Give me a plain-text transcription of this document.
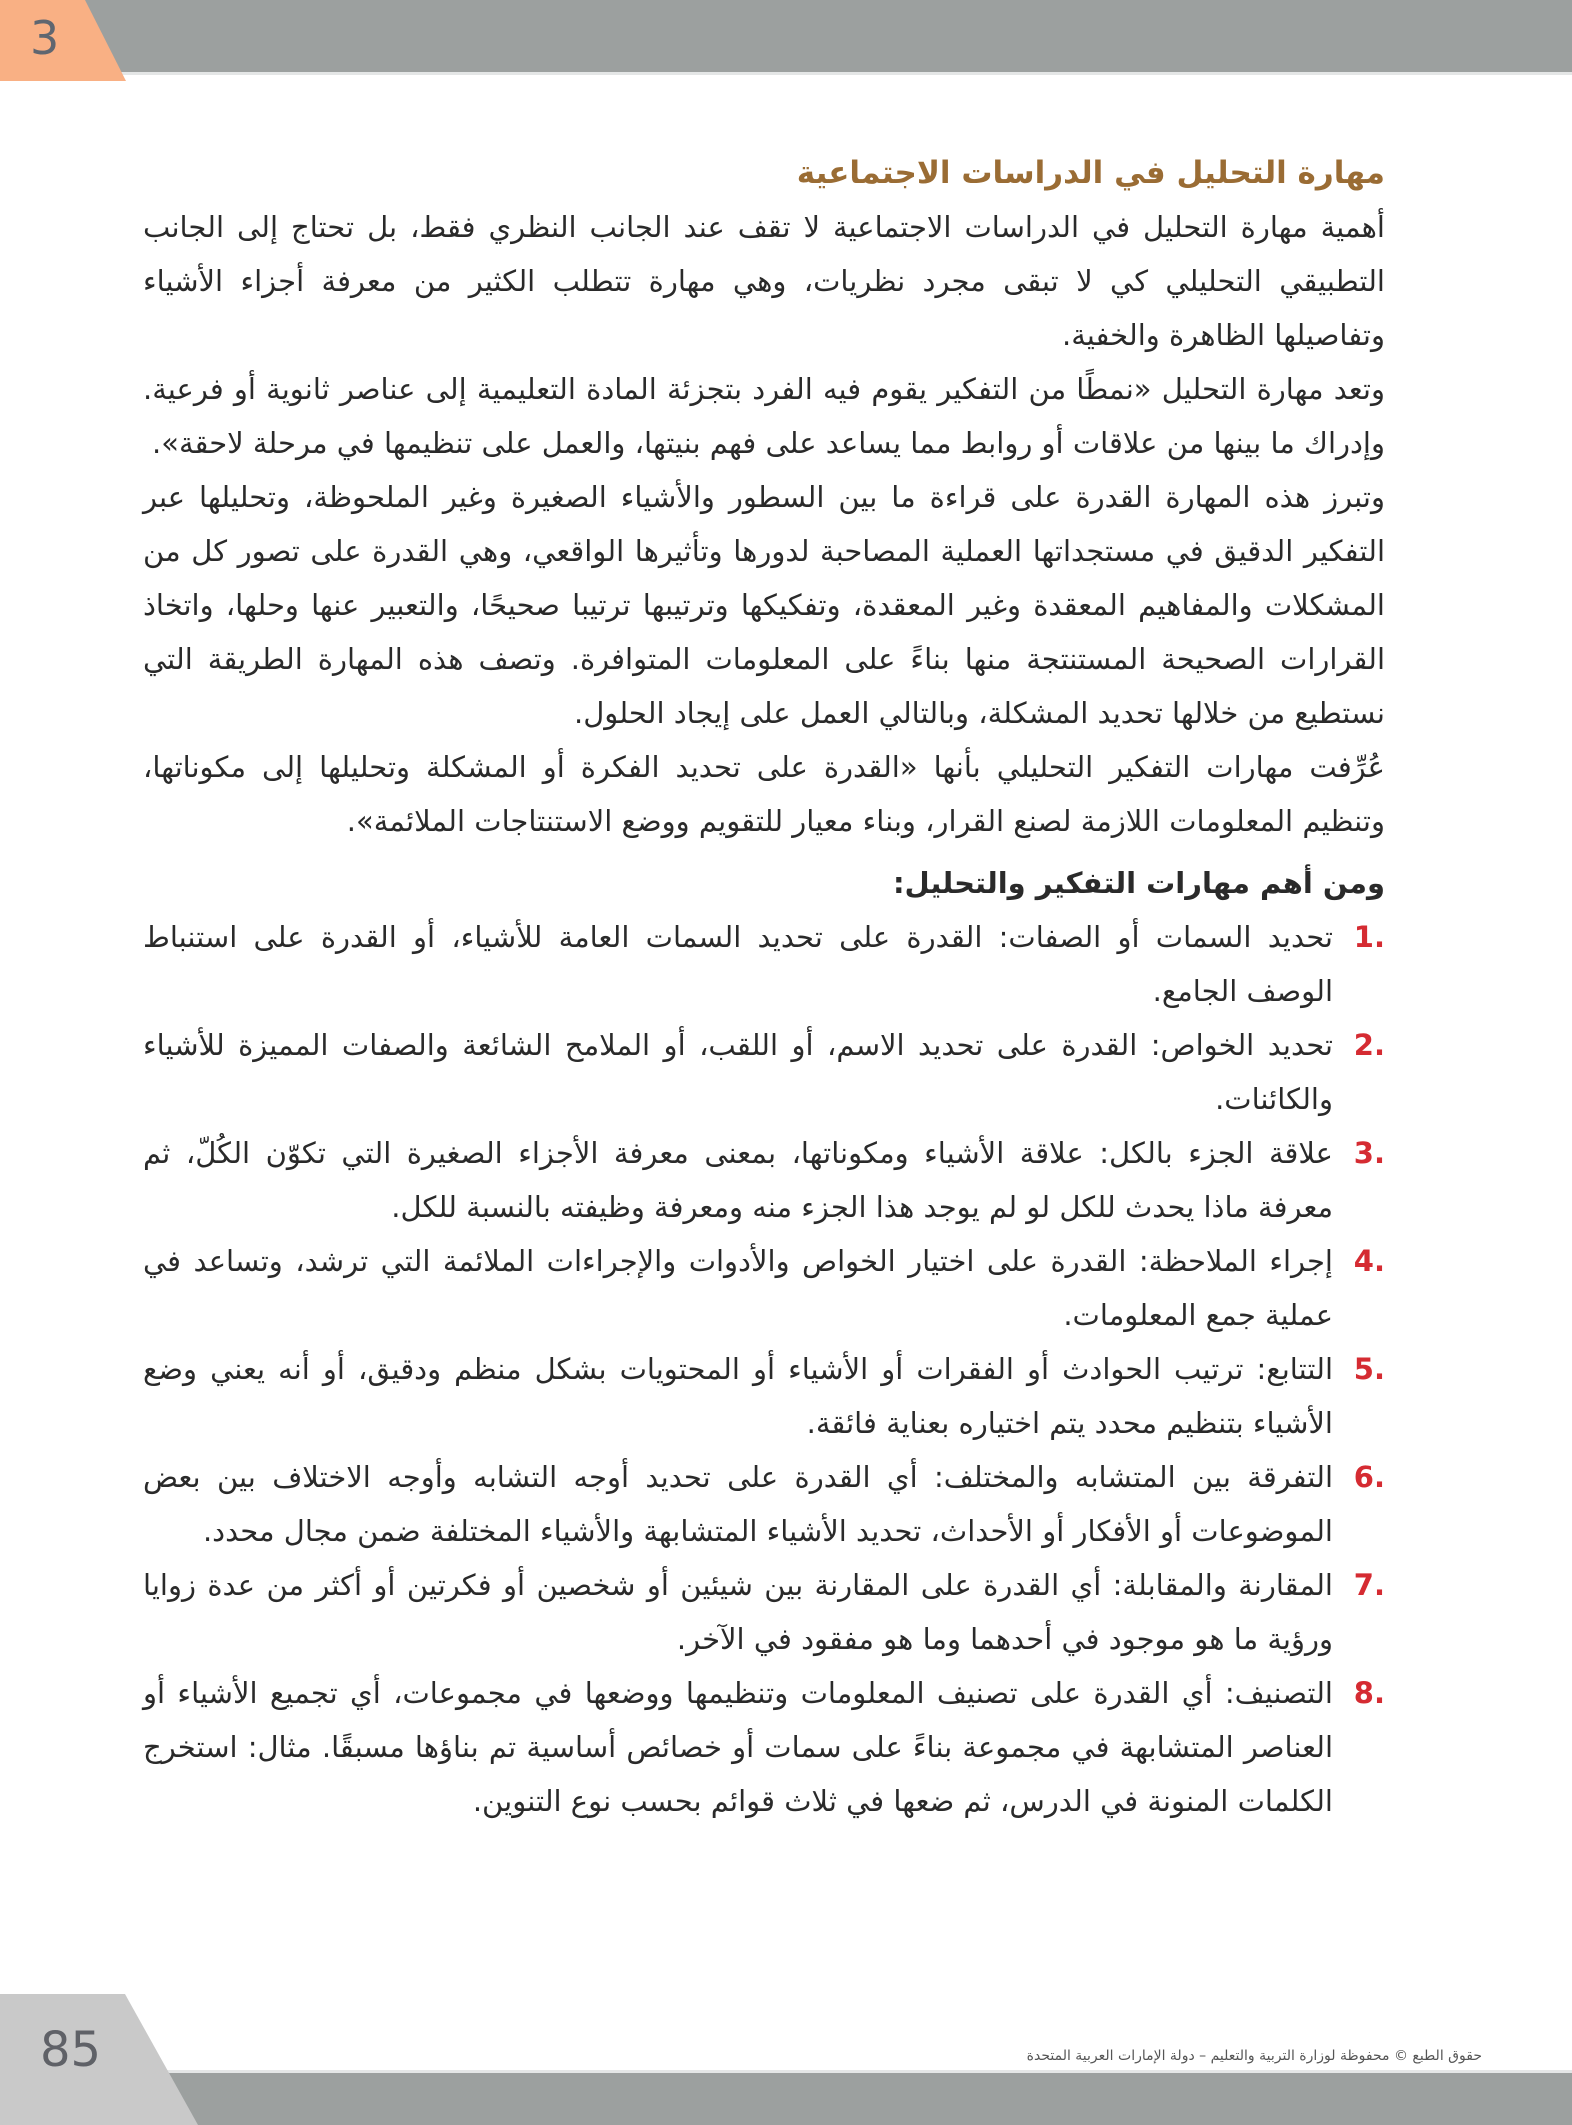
3
مهارة التحليل في الدراسات الاجتماعية

أهمية مهارة التحليل في الدراسات الاجتماعية لا تقف عند الجانب النظري فقط، بل تحتاج إلى الجانب التطبيقي التحليلي كي لا تبقى مجرد نظريات، وهي مهارة تتطلب الكثير من معرفة أجزاء الأشياء وتفاصيلها الظاهرة والخفية.

وتعد مهارة التحليل «نمطًا من التفكير يقوم فيه الفرد بتجزئة المادة التعليمية إلى عناصر ثانوية أو فرعية. وإدراك ما بينها من علاقات أو روابط مما يساعد على فهم بنيتها، والعمل على تنظيمها في مرحلة لاحقة».

وتبرز هذه المهارة القدرة على قراءة ما بين السطور والأشياء الصغيرة وغير الملحوظة، وتحليلها عبر التفكير الدقيق في مستجداتها العملية المصاحبة لدورها وتأثيرها الواقعي، وهي القدرة على تصور كل من المشكلات والمفاهيم المعقدة وغير المعقدة، وتفكيكها وترتيبها ترتيبا صحيحًا، والتعبير عنها وحلها، واتخاذ القرارات الصحيحة المستنتجة منها بناءً على المعلومات المتوافرة. وتصف هذه المهارة الطريقة التي نستطيع من خلالها تحديد المشكلة، وبالتالي العمل على إيجاد الحلول.

عُرِّفت مهارات التفكير التحليلي بأنها «القدرة على تحديد الفكرة أو المشكلة وتحليلها إلى مكوناتها، وتنظيم المعلومات اللازمة لصنع القرار، وبناء معيار للتقويم ووضع الاستنتاجات الملائمة».

ومن أهم مهارات التفكير والتحليل:

1.
تحديد السمات أو الصفات: القدرة على تحديد السمات العامة للأشياء، أو القدرة على استنباط الوصف الجامع.
2.
تحديد الخواص: القدرة على تحديد الاسم، أو اللقب، أو الملامح الشائعة والصفات المميزة للأشياء والكائنات.
3.
علاقة الجزء بالكل: علاقة الأشياء ومكوناتها، بمعنى معرفة الأجزاء الصغيرة التي تكوّن الكُلّ، ثم معرفة ماذا يحدث للكل لو لم يوجد هذا الجزء منه ومعرفة وظيفته بالنسبة للكل.
4.
إجراء الملاحظة: القدرة على اختيار الخواص والأدوات والإجراءات الملائمة التي ترشد، وتساعد في عملية جمع المعلومات.
5.
التتابع: ترتيب الحوادث أو الفقرات أو الأشياء أو المحتويات بشكل منظم ودقيق، أو أنه يعني وضع الأشياء بتنظيم محدد يتم اختياره بعناية فائقة.
6.
التفرقة بين المتشابه والمختلف: أي القدرة على تحديد أوجه التشابه وأوجه الاختلاف بين بعض الموضوعات أو الأفكار أو الأحداث، تحديد الأشياء المتشابهة والأشياء المختلفة ضمن مجال محدد.
7.
المقارنة والمقابلة: أي القدرة على المقارنة بين شيئين أو شخصين أو فكرتين أو أكثر من عدة زوايا ورؤية ما هو موجود في أحدهما وما هو مفقود في الآخر.
8.
التصنيف: أي القدرة على تصنيف المعلومات وتنظيمها ووضعها في مجموعات، أي تجميع الأشياء أو العناصر المتشابهة في مجموعة بناءً على سمات أو خصائص أساسية تم بناؤها مسبقًا. مثال: استخرج الكلمات المنونة في الدرس، ثم ضعها في ثلاث قوائم بحسب نوع التنوين.
85	حقوق الطبع © محفوظة لوزارة التربية والتعليم – دولة الإمارات العربية المتحدة
